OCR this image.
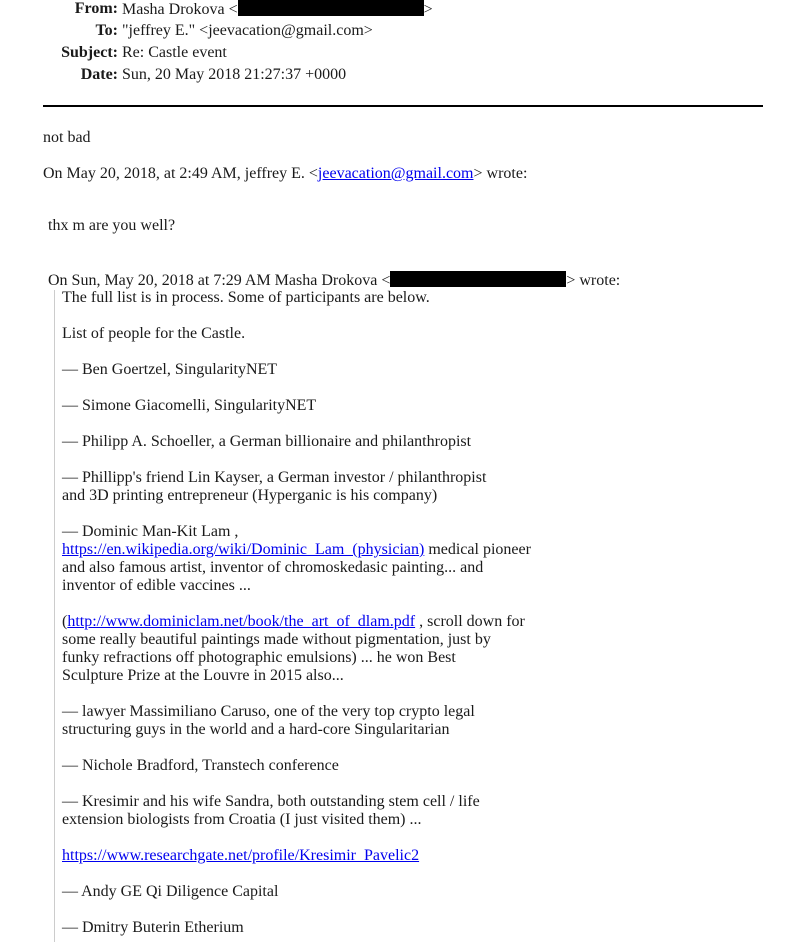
From: Masha Drokova <	>
To: "jeffrey E." <jeevacation@gmail.com>
Subject: Re: Castle event
Date: Sun, 20 May 2018 21:27:37 +0000
not bad
On May 20, 2018, at 2:49 AM, jeffrey E. <jeevacation@gmail.com> wrote:
thx m are you well?
On Sun, May 20, 2018 at 7:29 AM Masha Drokova <	> wrote:
The full list is in process. Some of participants are below.
List of people for the Castle.
— Ben Goertzel, SingularityNET
— Simone Giacomelli, SingularityNET
— Philipp A. Schoeller, a German billionaire and philanthropist
— Phillipp's friend Lin Kayser, a German investor / philanthropist
and 3D printing entrepreneur (Hyperganic is his company)
— Dominic Man-Kit Lam ,
https://en.wikipedia.org/wiki/Dominic_Lam_(physician) medical pioneer
and also famous artist, inventor of chromoskedasic painting... and
inventor of edible vaccines ...
(http://www.dominiclam.net/book/the_art_of_dlam.pdf , scroll down for
some really beautiful paintings made without pigmentation, just by
funky refractions off photographic emulsions) ... he won Best
Sculpture Prize at the Louvre in 2015 also...
— lawyer Massimiliano Caruso, one of the very top crypto legal
structuring guys in the world and a hard-core Singularitarian
— Nichole Bradford, Transtech conference
— Kresimir and his wife Sandra, both outstanding stem cell / life
extension biologists from Croatia (I just visited them) ...
https://www.researchgate.net/profile/Kresimir_Pavelic2
— Andy GE Qi Diligence Capital
— Dmitry Buterin Etherium
